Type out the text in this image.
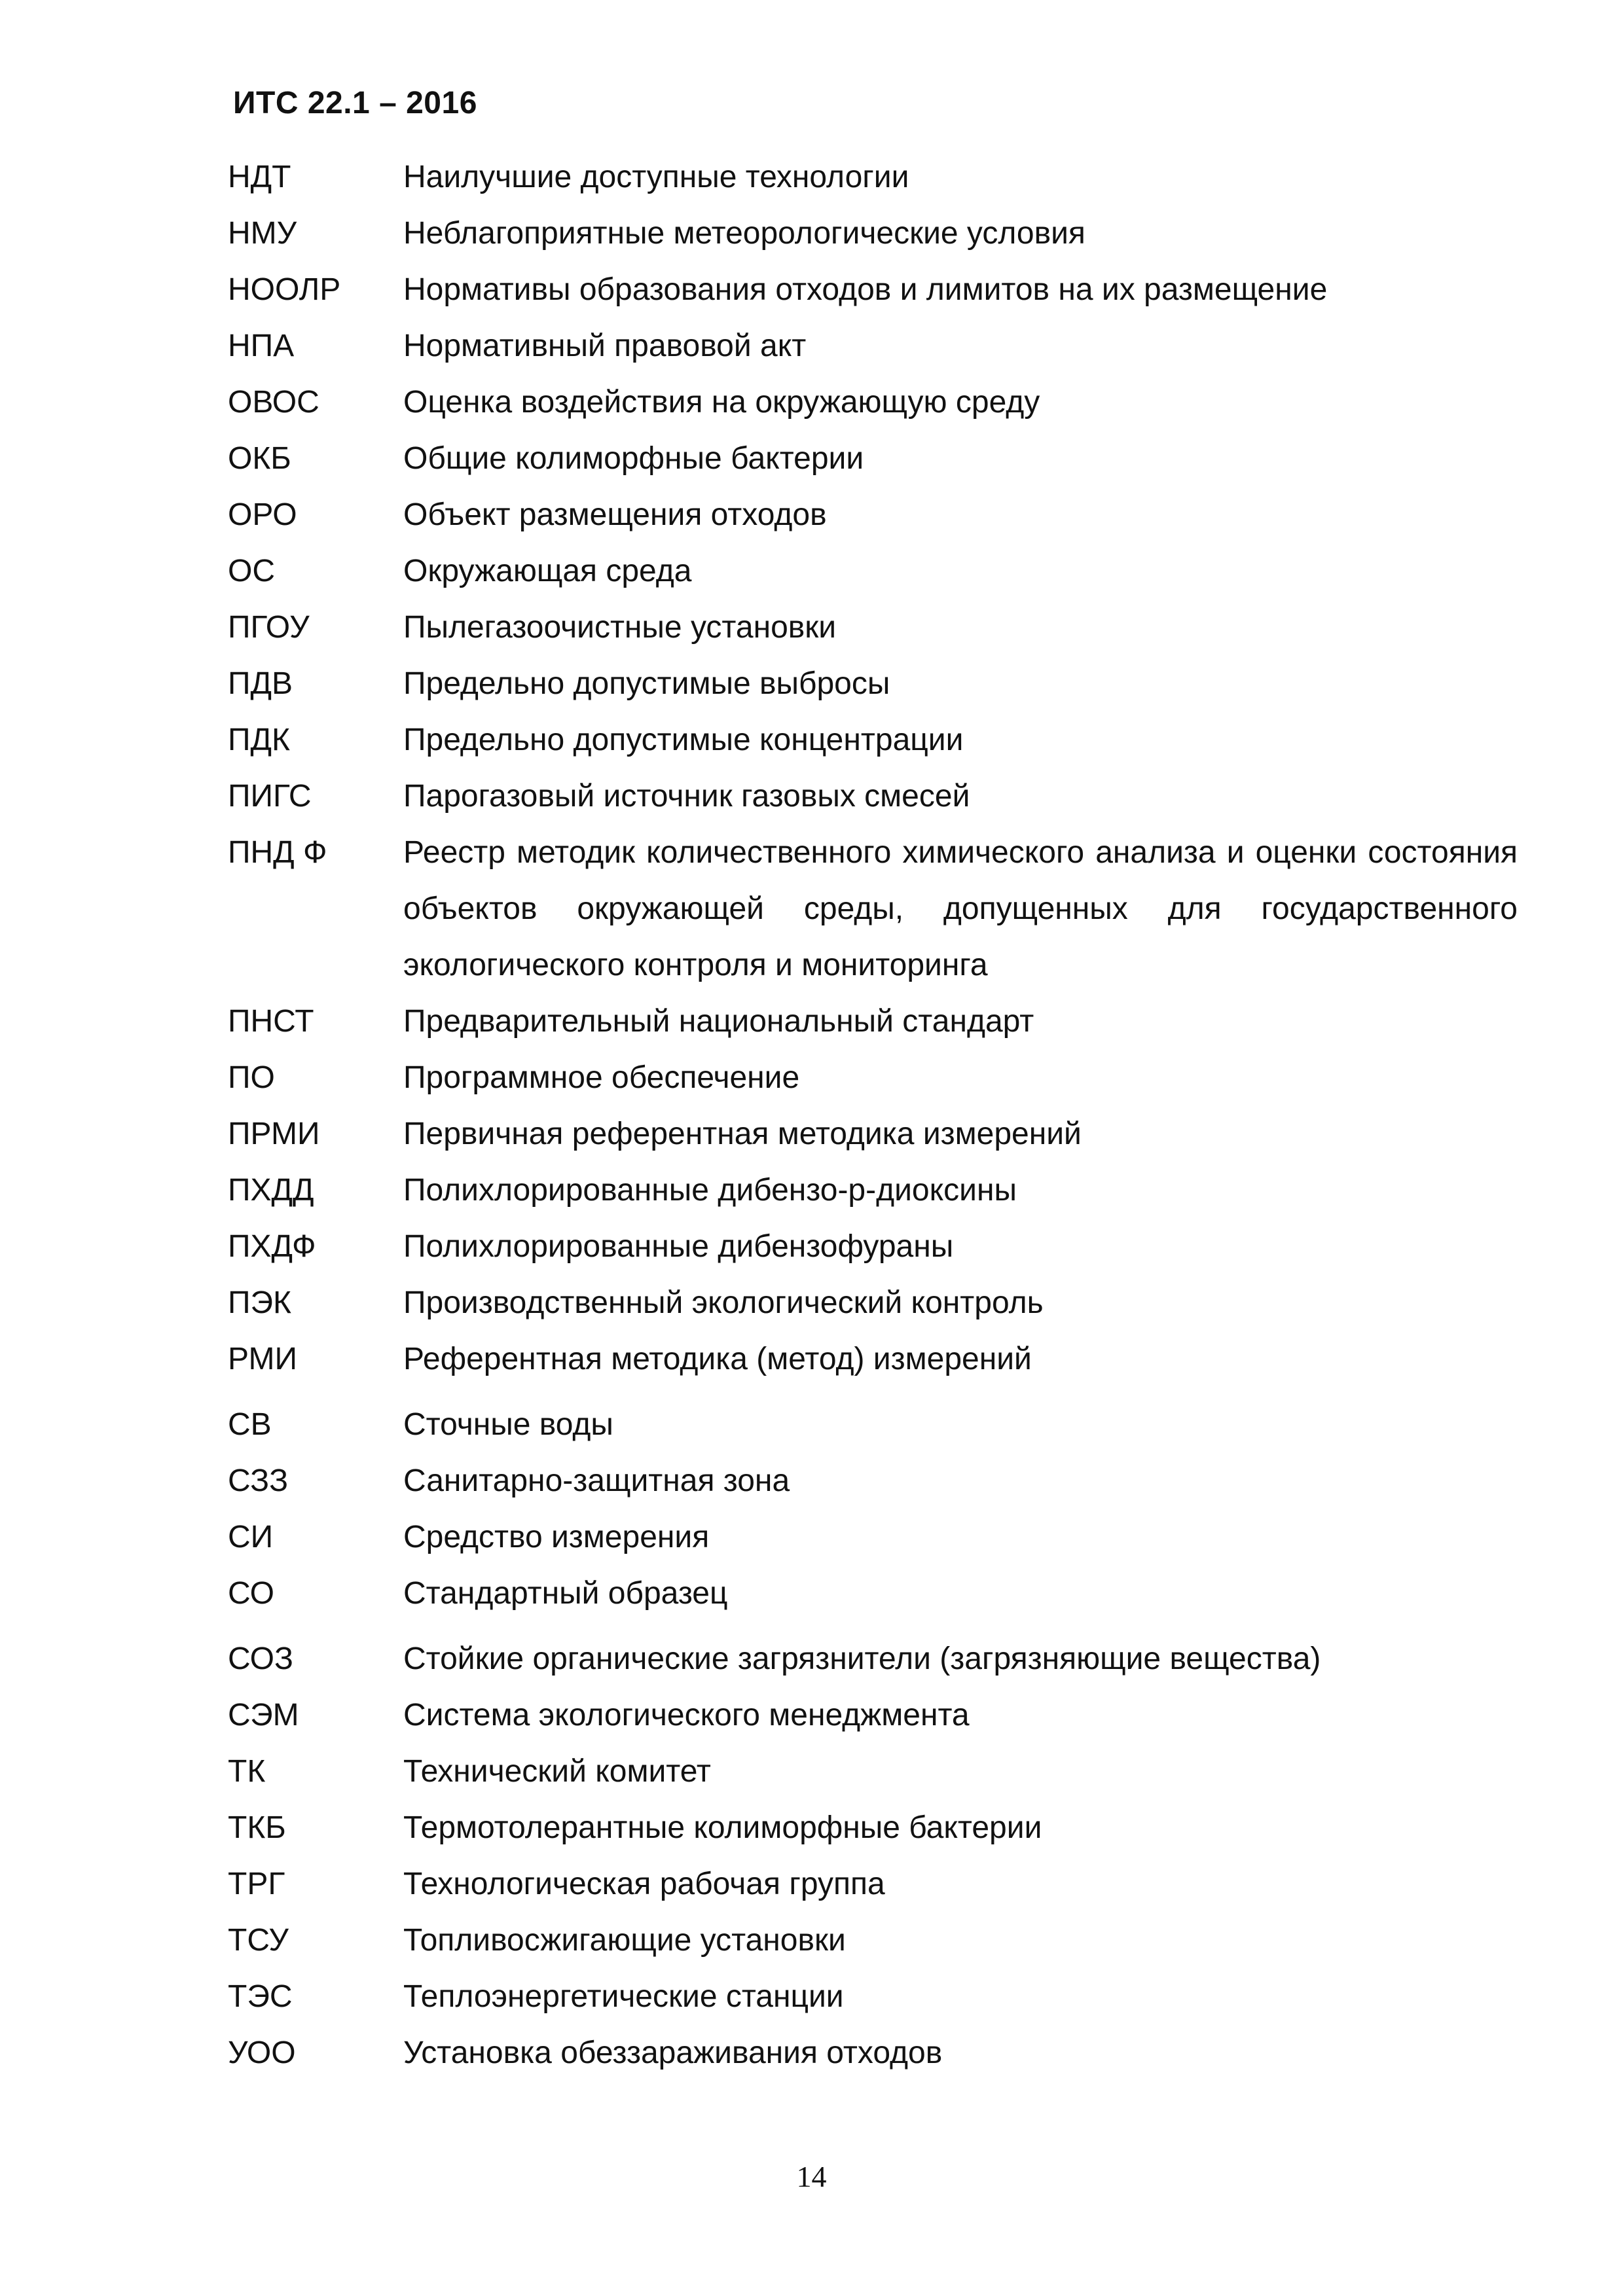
ИТС 22.1 – 2016
НДТ	Наилучшие доступные технологии
НМУ	Неблагоприятные метеорологические условия
НООЛР	Нормативы образования отходов и лимитов на их размещение
НПА	Нормативный правовой акт
ОВОС	Оценка воздействия на окружающую среду
ОКБ	Общие колиморфные бактерии
ОРО	Объект размещения отходов
ОС	Окружающая среда
ПГОУ	Пылегазоочистные установки
ПДВ	Предельно допустимые выбросы
ПДК	Предельно допустимые концентрации
ПИГС	Парогазовый источник газовых смесей
ПНД Ф	Реестр методик количественного химического анализа и оценки состояния объектов окружающей среды, допущенных для государственного экологического контроля и мониторинга
ПНСТ	Предварительный национальный стандарт
ПО	Программное обеспечение
ПРМИ	Первичная референтная методика измерений
ПХДД	Полихлорированные дибензо-р-диоксины
ПХДФ	Полихлорированные дибензофураны
ПЭК	Производственный экологический контроль
РМИ	Референтная методика (метод) измерений
СВ	Сточные воды
СЗЗ	Санитарно-защитная зона
СИ	Средство измерения
СО	Стандартный образец
СОЗ	Стойкие органические загрязнители (загрязняющие вещества)
СЭМ	Система экологического менеджмента
ТК	Технический комитет
ТКБ	Термотолерантные колиморфные бактерии
ТРГ	Технологическая рабочая группа
ТСУ	Топливосжигающие установки
ТЭС	Теплоэнергетические станции
УОО	Установка обеззараживания отходов
14
